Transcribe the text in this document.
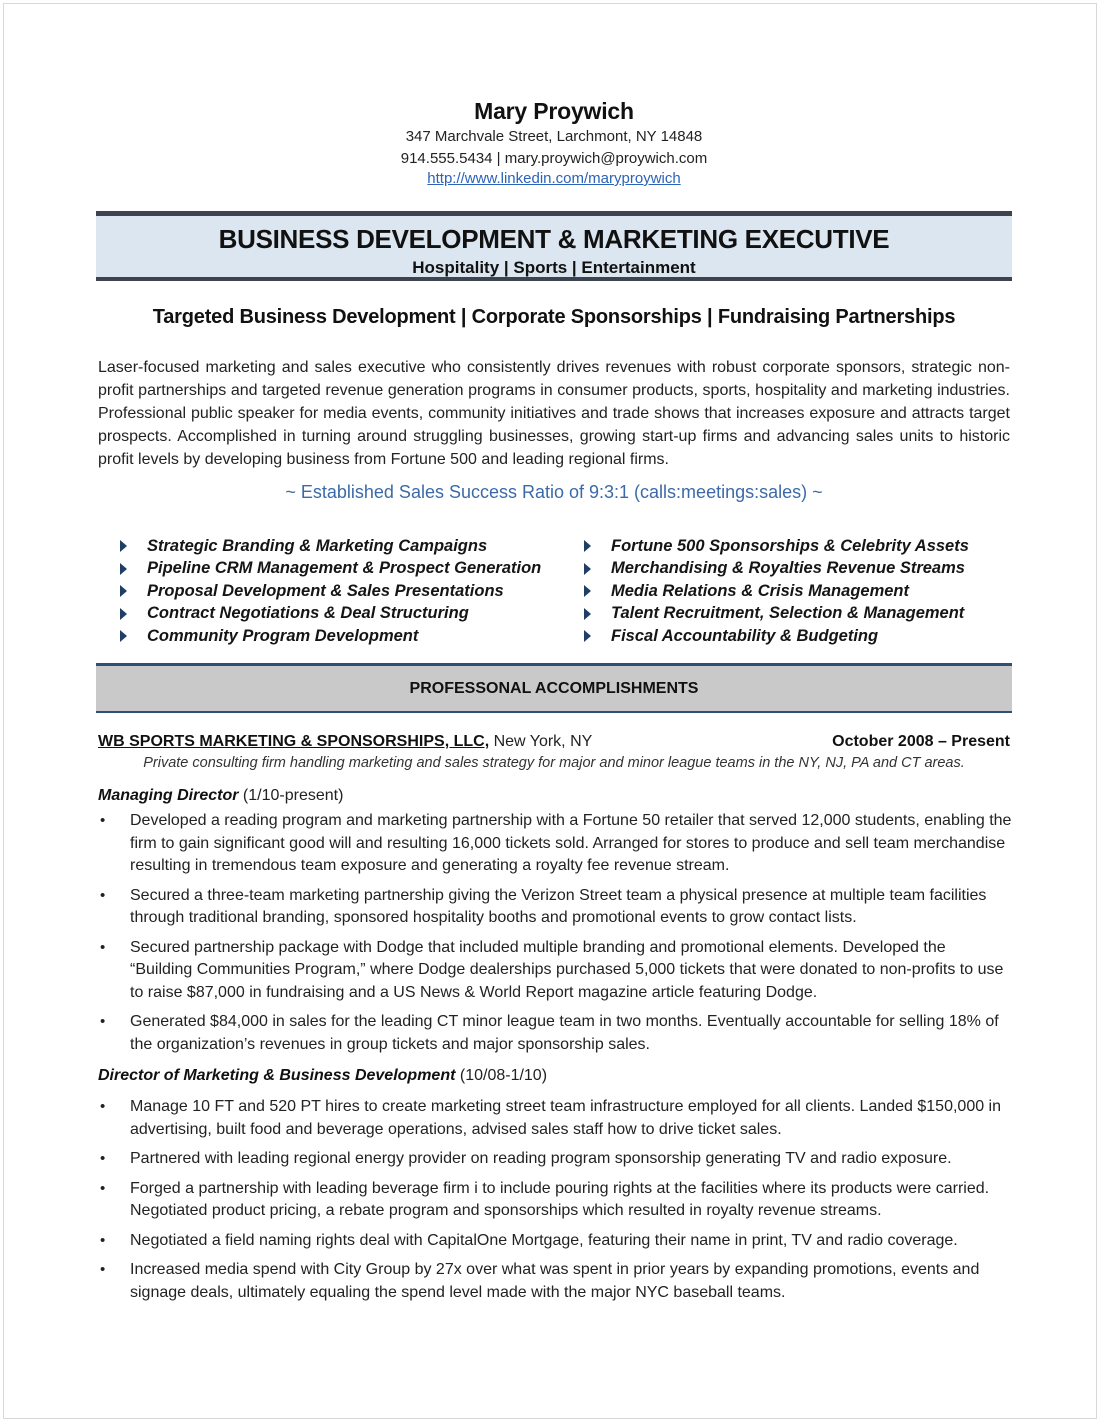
Mary Proywich
347 Marchvale Street, Larchmont, NY 14848
914.555.5434 | mary.proywich@proywich.com
http://www.linkedin.com/maryproywich
BUSINESS DEVELOPMENT & MARKETING EXECUTIVE
Hospitality | Sports | Entertainment
Targeted Business Development | Corporate Sponsorships | Fundraising Partnerships
Laser-focused marketing and sales executive who consistently drives revenues with robust corporate sponsors, strategic non-profit partnerships and targeted revenue generation programs in consumer products, sports, hospitality and marketing industries. Professional public speaker for media events, community initiatives and trade shows that increases exposure and attracts target prospects. Accomplished in turning around struggling businesses, growing start-up firms and advancing sales units to historic profit levels by developing business from Fortune 500 and leading regional firms.
~ Established Sales Success Ratio of 9:3:1 (calls:meetings:sales) ~
Strategic Branding & Marketing Campaigns
Pipeline CRM Management & Prospect Generation
Proposal Development & Sales Presentations
Contract Negotiations & Deal Structuring
Community Program Development
Fortune 500 Sponsorships & Celebrity Assets
Merchandising & Royalties Revenue Streams
Media Relations & Crisis Management
Talent Recruitment, Selection & Management
Fiscal Accountability & Budgeting
PROFESSONAL ACCOMPLISHMENTS
WB SPORTS MARKETING & SPONSORSHIPS, LLC, New York, NY	October 2008 – Present
Private consulting firm handling marketing and sales strategy for major and minor league teams in the NY, NJ, PA and CT areas.
Managing Director (1/10-present)
• Developed a reading program and marketing partnership with a Fortune 50 retailer that served 12,000 students, enabling the firm to gain significant good will and resulting 16,000 tickets sold. Arranged for stores to produce and sell team merchandise resulting in tremendous team exposure and generating a royalty fee revenue stream.
• Secured a three-team marketing partnership giving the Verizon Street team a physical presence at multiple team facilities through traditional branding, sponsored hospitality booths and promotional events to grow contact lists.
• Secured partnership package with Dodge that included multiple branding and promotional elements. Developed the “Building Communities Program,” where Dodge dealerships purchased 5,000 tickets that were donated to non-profits to use to raise $87,000 in fundraising and a US News & World Report magazine article featuring Dodge.
• Generated $84,000 in sales for the leading CT minor league team in two months. Eventually accountable for selling 18% of the organization’s revenues in group tickets and major sponsorship sales.
Director of Marketing & Business Development (10/08-1/10)
• Manage 10 FT and 520 PT hires to create marketing street team infrastructure employed for all clients. Landed $150,000 in advertising, built food and beverage operations, advised sales staff how to drive ticket sales.
• Partnered with leading regional energy provider on reading program sponsorship generating TV and radio exposure.
• Forged a partnership with leading beverage firm i to include pouring rights at the facilities where its products were carried. Negotiated product pricing, a rebate program and sponsorships which resulted in royalty revenue streams.
• Negotiated a field naming rights deal with CapitalOne Mortgage, featuring their name in print, TV and radio coverage.
• Increased media spend with City Group by 27x over what was spent in prior years by expanding promotions, events and signage deals, ultimately equaling the spend level made with the major NYC baseball teams.
